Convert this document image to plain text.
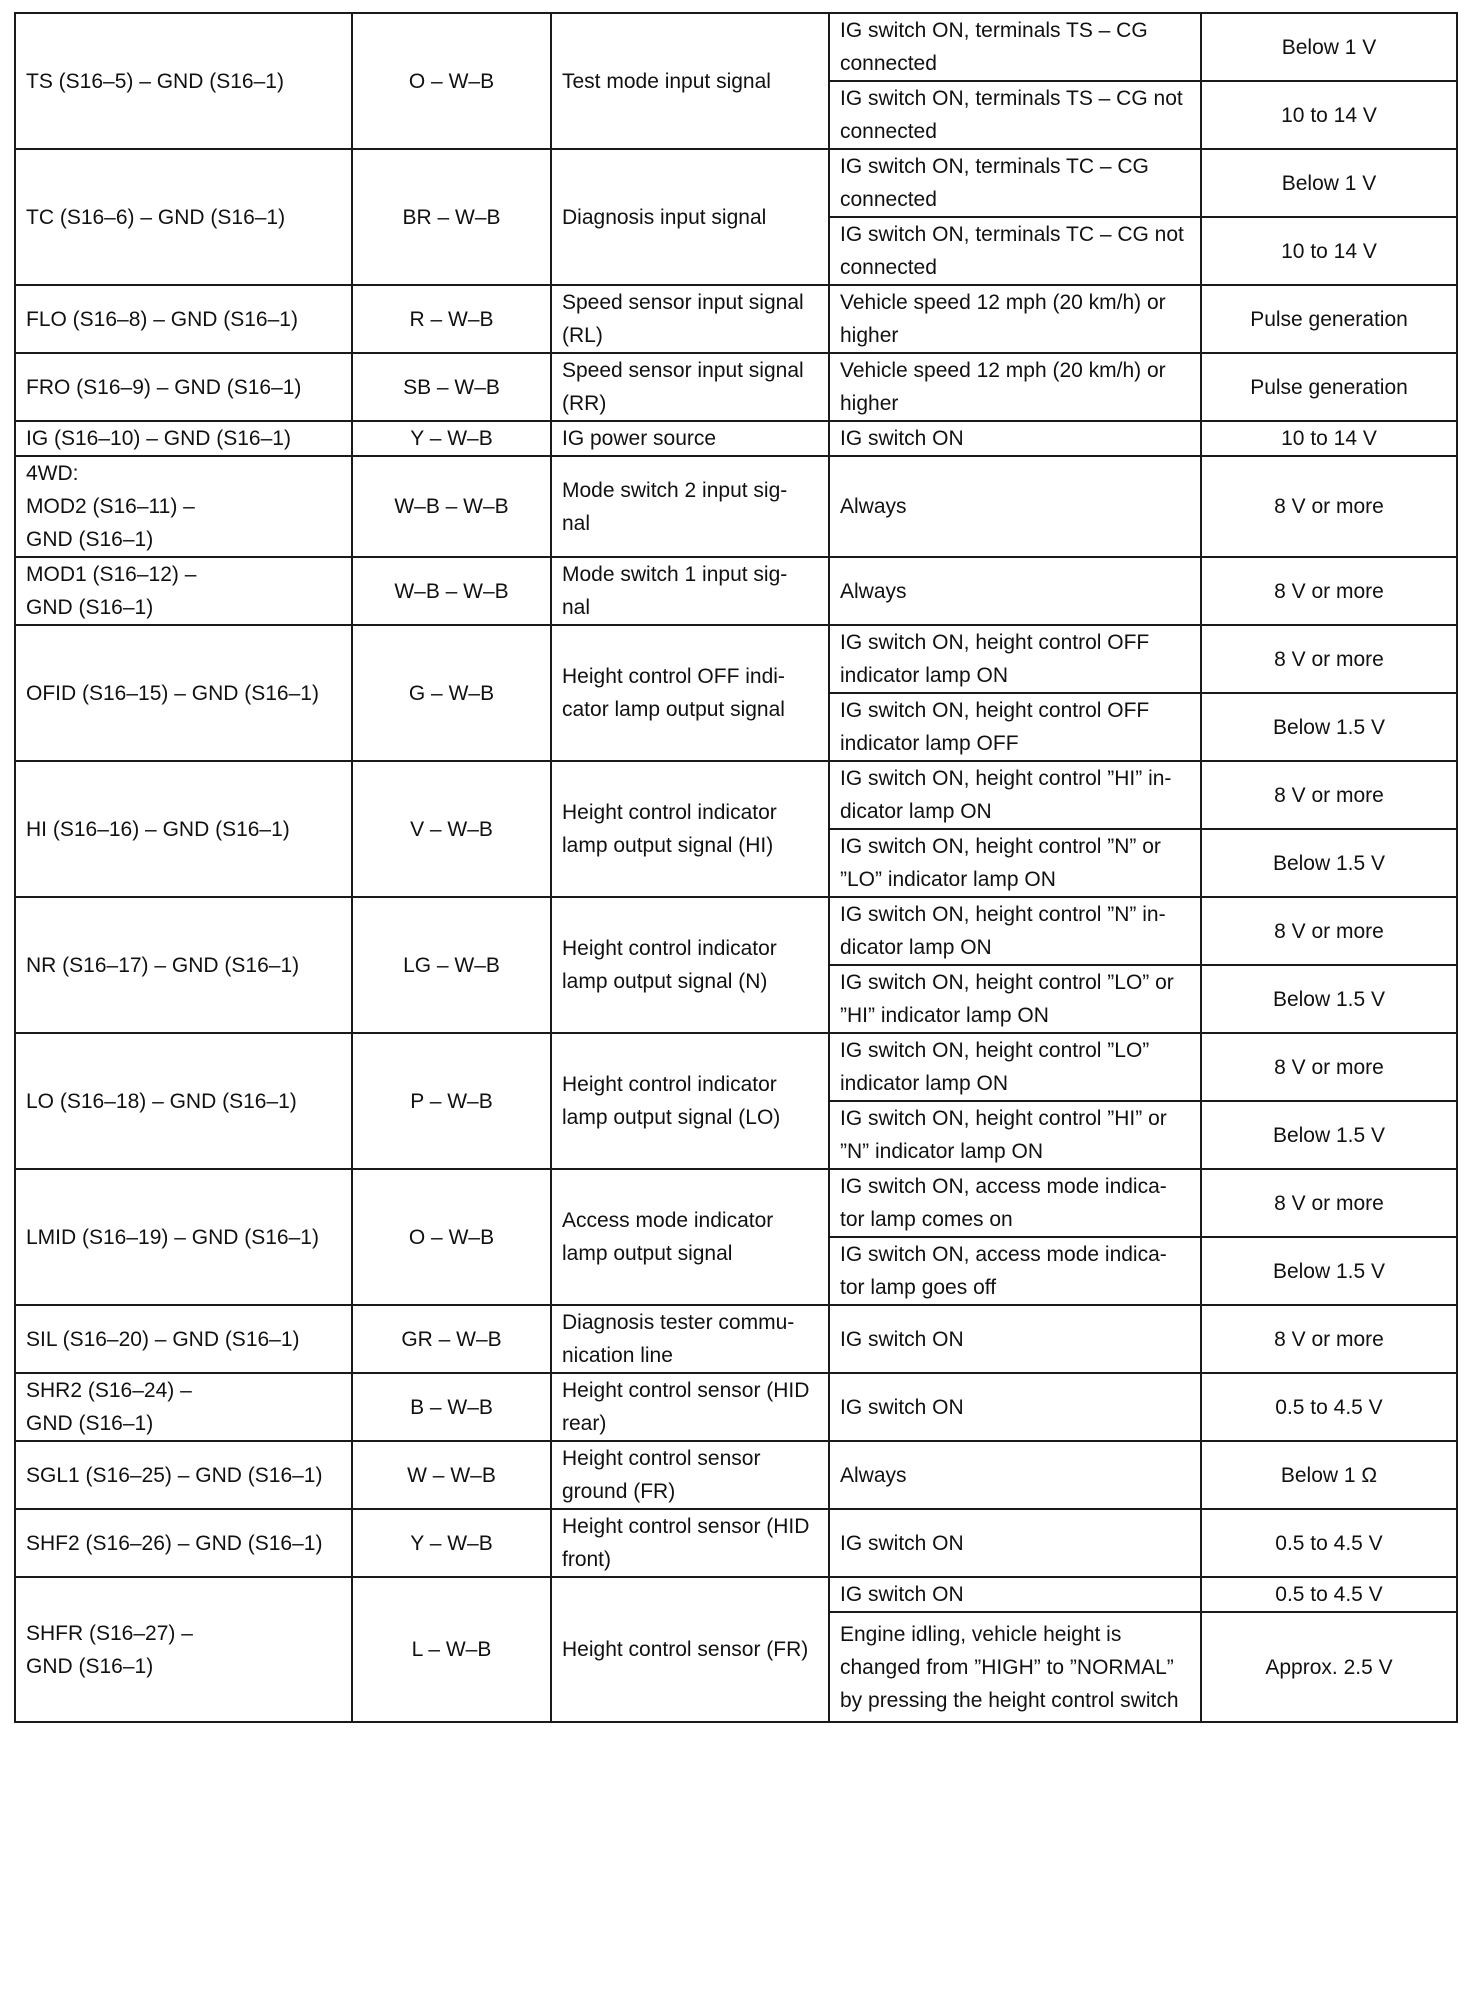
TS (S16–5) – GND (S16–1)	O – W–B	Test mode input signal	IG switch ON, terminals TS – CG connected	Below 1 V
			IG switch ON, terminals TS – CG not connected	10 to 14 V
TC (S16–6) – GND (S16–1)	BR – W–B	Diagnosis input signal	IG switch ON, terminals TC – CG connected	Below 1 V
			IG switch ON, terminals TC – CG not connected	10 to 14 V
FLO (S16–8) – GND (S16–1)	R – W–B	Speed sensor input signal (RL)	Vehicle speed 12 mph (20 km/h) or higher	Pulse generation
FRO (S16–9) – GND (S16–1)	SB – W–B	Speed sensor input signal (RR)	Vehicle speed 12 mph (20 km/h) or higher	Pulse generation
IG (S16–10) – GND (S16–1)	Y – W–B	IG power source	IG switch ON	10 to 14 V
4WD:
MOD2 (S16–11) –
GND (S16–1)	W–B – W–B	Mode switch 2 input sig-
nal	Always	8 V or more
MOD1 (S16–12) –
GND (S16–1)	W–B – W–B	Mode switch 1 input sig-
nal	Always	8 V or more
OFID (S16–15) – GND (S16–1)	G – W–B	Height control OFF indi-
cator lamp output signal	IG switch ON, height control OFF indicator lamp ON	8 V or more
			IG switch ON, height control OFF indicator lamp OFF	Below 1.5 V
HI (S16–16) – GND (S16–1)	V – W–B	Height control indicator lamp output signal (HI)	IG switch ON, height control ”HI” in-
dicator lamp ON	8 V or more
			IG switch ON, height control ”N” or ”LO” indicator lamp ON	Below 1.5 V
NR (S16–17) – GND (S16–1)	LG – W–B	Height control indicator lamp output signal (N)	IG switch ON, height control ”N” in-
dicator lamp ON	8 V or more
			IG switch ON, height control ”LO” or ”HI” indicator lamp ON	Below 1.5 V
LO (S16–18) – GND (S16–1)	P – W–B	Height control indicator lamp output signal (LO)	IG switch ON, height control ”LO” indicator lamp ON	8 V or more
			IG switch ON, height control ”HI” or ”N” indicator lamp ON	Below 1.5 V
LMID (S16–19) – GND (S16–1)	O – W–B	Access mode indicator lamp output signal	IG switch ON, access mode indica-
tor lamp comes on	8 V or more
			IG switch ON, access mode indica-
tor lamp goes off	Below 1.5 V
SIL (S16–20) – GND (S16–1)	GR – W–B	Diagnosis tester commu-
nication line	IG switch ON	8 V or more
SHR2 (S16–24) –
GND (S16–1)	B – W–B	Height control sensor (HID rear)	IG switch ON	0.5 to 4.5 V
SGL1 (S16–25) – GND (S16–1)	W – W–B	Height control sensor ground (FR)	Always	Below 1 Ω
SHF2 (S16–26) – GND (S16–1)	Y – W–B	Height control sensor (HID front)	IG switch ON	0.5 to 4.5 V
SHFR (S16–27) –
GND (S16–1)	L – W–B	Height control sensor (FR)	IG switch ON	0.5 to 4.5 V
			Engine idling, vehicle height is changed from ”HIGH” to ”NORMAL” by pressing the height control switch	Approx. 2.5 V
